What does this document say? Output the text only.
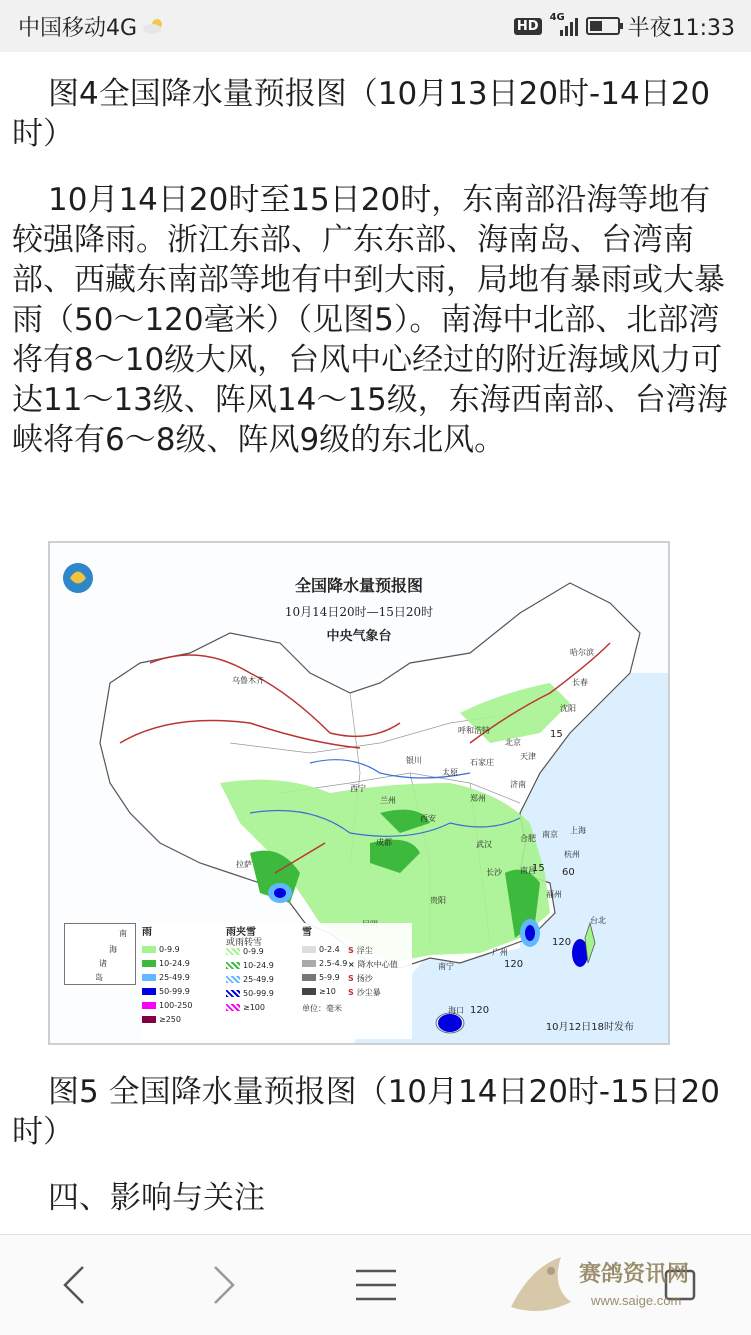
中国移动4G	HD
4G	半夜11:33

图4全国降水量预报图（10月13日20时-14日20时）

10月14日20时至15日20时，东南部沿海等地有较强降雨。浙江东部、广东东部、海南岛、台湾南部、西藏东南部等地有中到大雨，局地有暴雨或大暴雨（50～120毫米）（见图5）。南海中北部、北部湾将有8～10级大风，台风中心经过的附近海域风力可达11～13级、阵风14～15级，东海西南部、台湾海峡将有6～8级、阵风9级的东北风。

全国降水量预报图
10月14日20时—15日20时
中央气象台
乌鲁木齐
哈尔滨
长春
沈阳
呼和浩特
北京
天津
石家庄
太原
银川
济南
西宁
兰州	郑州
西安
拉萨
成都	武汉
合肥 南京 上海
杭州
长沙 南昌
福州
贵阳
南宁
广州
海口
台北
15
15 60
120
120
120
南
海
诸
岛
雨	雨夹雪
或雨转雪
雪
0-9.9
10-24.9
25-49.9
50-99.9
100-250
≥250
0-9.9
10-24.9
25-49.9
50-99.9
≥100
0-2.4
2.5-4.9
5-9.9
≥10
S 浮尘
× 降水中心值
S 扬沙
S 沙尘暴
单位：毫米
10月12日18时发布

图5 全国降水量预报图（10月14日20时-15日20时）

四、影响与关注

赛鸽资讯网
www.saige.com
